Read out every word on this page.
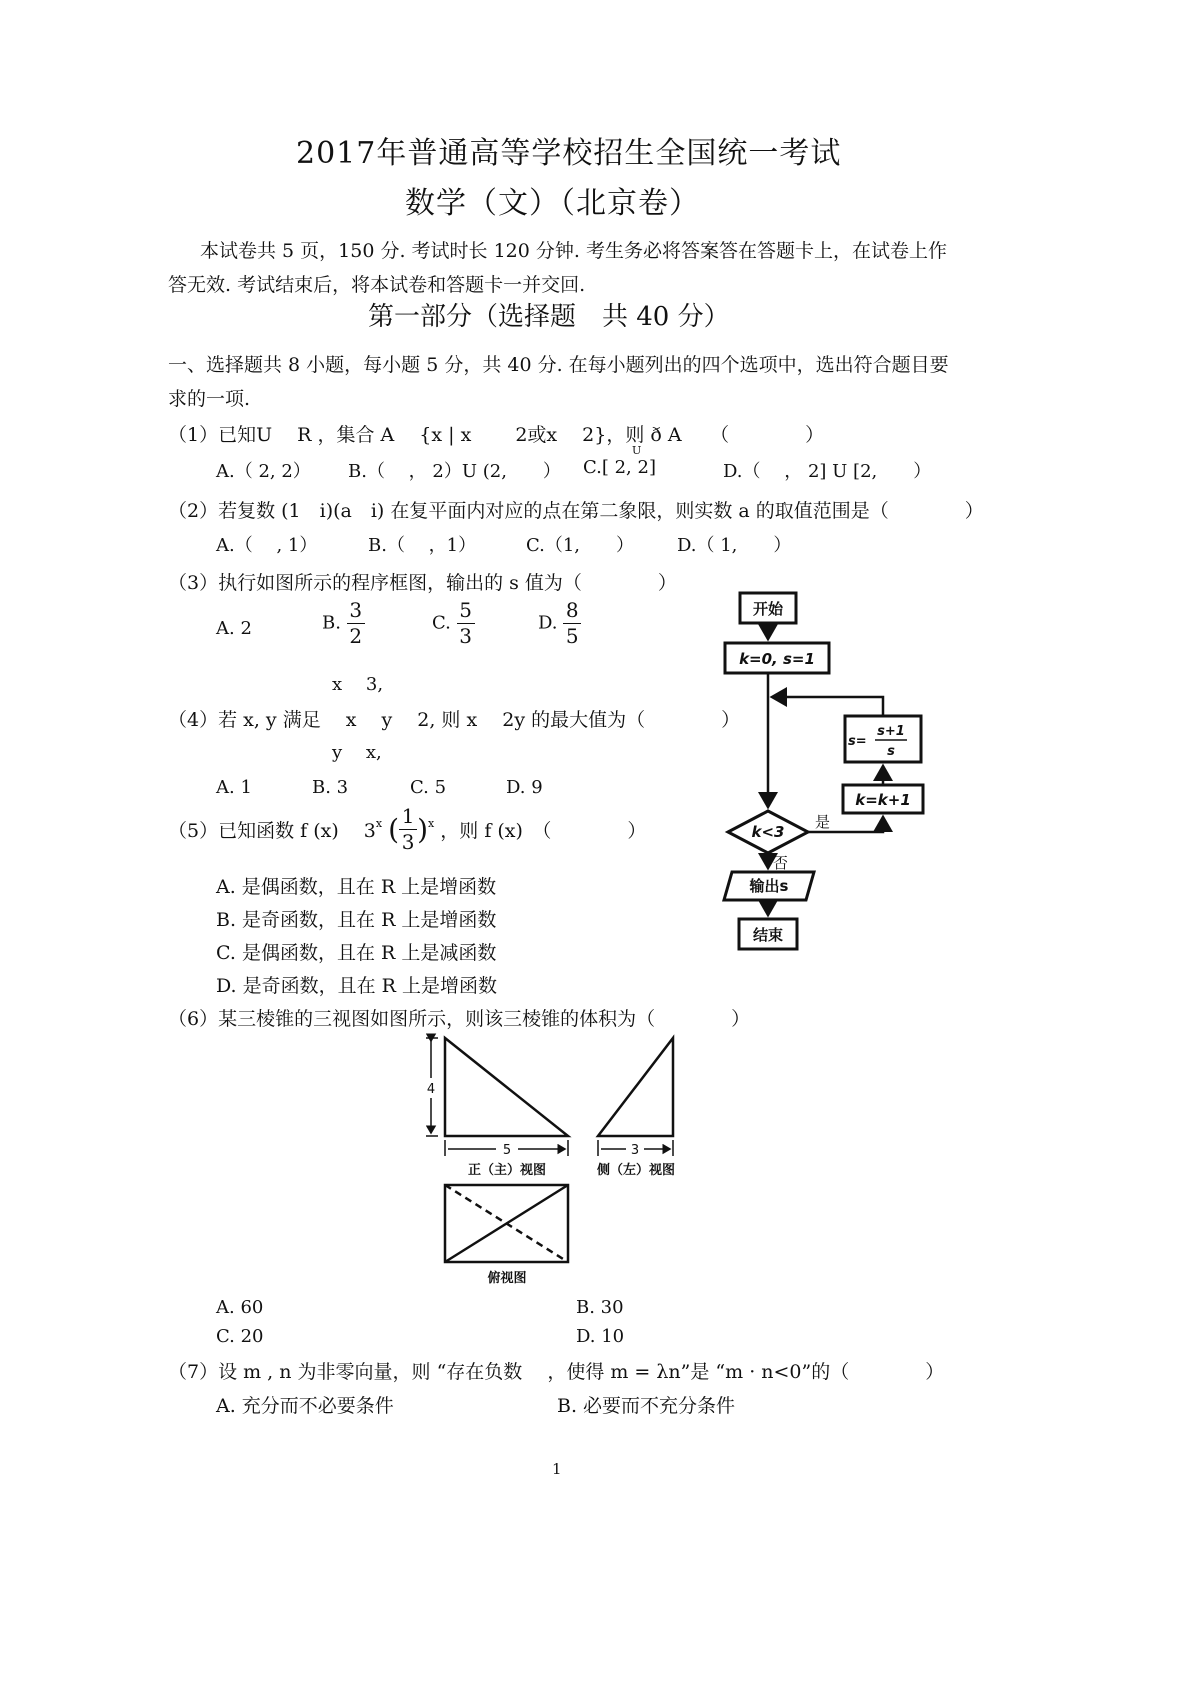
2017年普通高等学校招生全国统一考试
数学（文）（北京卷）
本试卷共 5 页，150 分. 考试时长 120 分钟. 考生务必将答案答在答题卡上，在试卷上作
答无效. 考试结束后，将本试卷和答题卡一并交回.
第一部分（选择题　共 40 分）
一、选择题共 8 小题，每小题 5 分，共 40 分. 在每小题列出的四个选项中，选出符合题目要
求的一项.
（1）已知U　 R ，集合 A　 {x | x　　 2或x　 2}，则 ð A　　（　　　　）
U
A.（ 2, 2） B.（　 ， 2）U (2,　　） C.[ 2, 2]	D.（　 ， 2] U [2,　　）
（2）若复数 (1　i)(a　i) 在复平面内对应的点在第二象限，则实数 a 的取值范围是（　　　　）
A.（　 , 1）	B.（　 ，1）	C.（1,　　） D.（ 1,　　）
（3）执行如图所示的程序框图，输出的 s 值为（　　　　）
A. 2	B. $\frac{3}{2}$	C. $\frac{5}{3}$	D. $\frac{8}{5}$
x　 3,
（4）若 x, y 满足　 x　 y　 2, 则 x　 2y 的最大值为（　　　　）
y　 x,
A. 1	B. 3	C. 5	D. 9
（5）已知函数 f (x)　 3$^x$ ( $\frac{1}{3} )^x$ ，则 f (x)　（　　　　）
A. 是偶函数，且在 R 上是增函数
B. 是奇函数，且在 R 上是增函数
C. 是偶函数，且在 R 上是减函数
D. 是奇函数，且在 R 上是增函数
开始
k=0, s=1
s=
s+1
s
k=k+1
k<3
是
否
输出s
结束
（6）某三棱锥的三视图如图所示，则该三棱锥的体积为（　　　　）
4
5	3
正（主）视图	侧（左）视图
俯视图
A. 60	B. 30
C. 20	D. 10
（7）设 m , n 为非零向量，则 “存在负数　 ，使得 m = λn”是 “m · n<0”的（　　　　）
A. 充分而不必要条件	B. 必要而不充分条件
1
